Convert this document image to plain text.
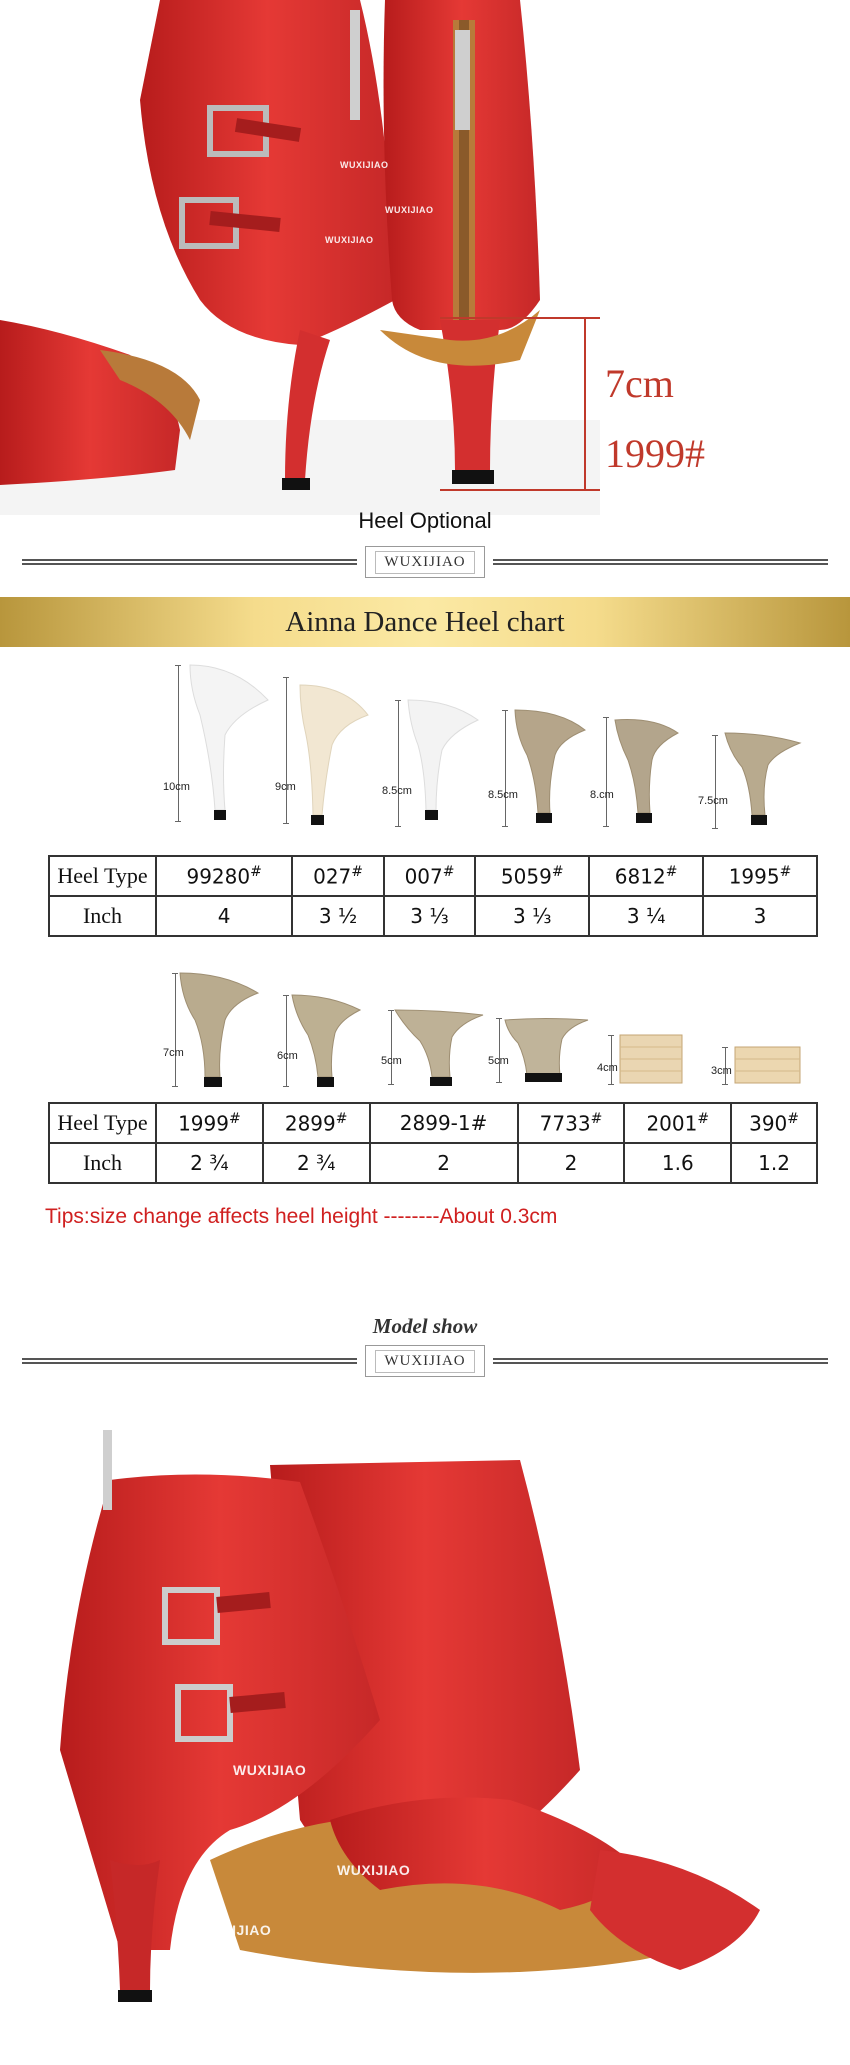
7cm
1999#
WUXIJIAO
WUXIJIAO
WUXIJIAO
Heel Optional
WUXIJIAO
Ainna Dance Heel chart
10cm	9cm	8.5cm	8.5cm	8.cm	7.5cm
Heel Type	99280#	027#	007#	5059#	6812#	1995#
Inch	4	3 ½	3 ⅓	3 ⅓	3 ¼	3
7cm	6cm	5cm	5cm
4cm	3cm
Heel Type	1999#	2899#	2899-1#	7733#	2001#	390#
Inch	2 ¾	2 ¾	2	2	1.6	1.2
Tips:size change affects heel height --------About 0.3cm
Model show
WUXIJIAO
WUXIJIAO
WUXIJIAO
WUXIJIAO
